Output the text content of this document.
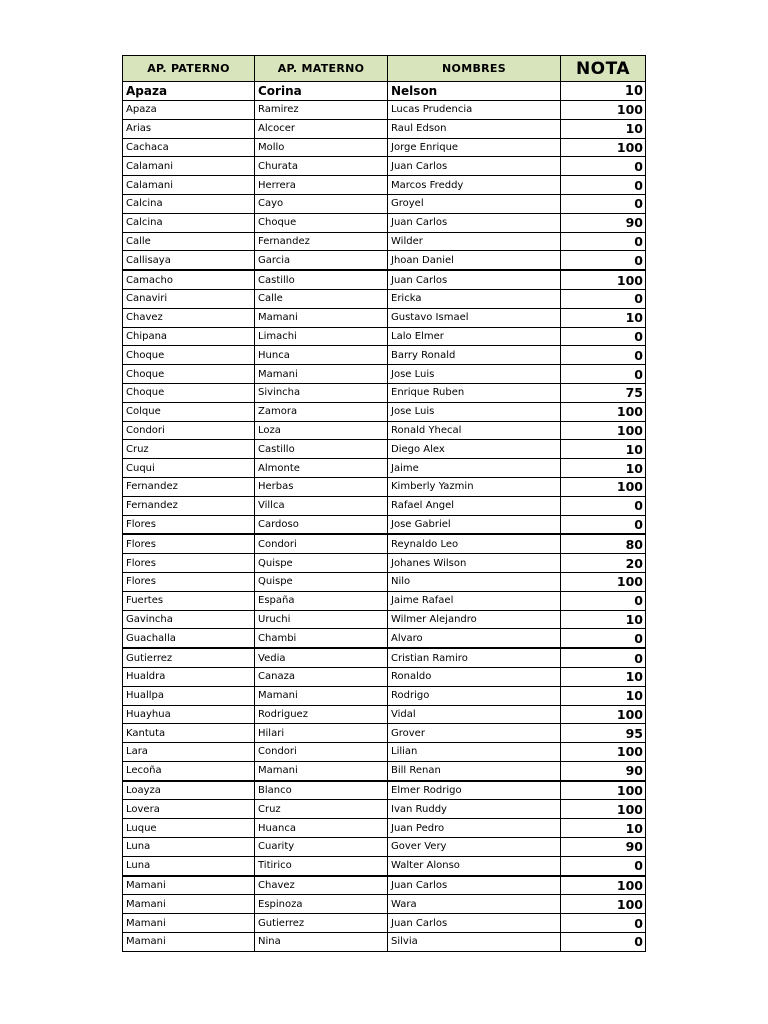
AP. PATERNO	AP. MATERNO	NOMBRES	NOTA
Apaza	Corina	Nelson	10
Apaza	Ramirez	Lucas Prudencia	100
Arias	Alcocer	Raul Edson	10
Cachaca	Mollo	Jorge Enrique	100
Calamani	Churata	Juan Carlos	0
Calamani	Herrera	Marcos Freddy	0
Calcina	Cayo	Groyel	0
Calcina	Choque	Juan Carlos	90
Calle	Fernandez	Wilder	0
Callisaya	Garcia	Jhoan Daniel	0
Camacho	Castillo	Juan Carlos	100
Canaviri	Calle	Ericka	0
Chavez	Mamani	Gustavo Ismael	10
Chipana	Limachi	Lalo Elmer	0
Choque	Hunca	Barry Ronald	0
Choque	Mamani	Jose Luis	0
Choque	Sivincha	Enrique Ruben	75
Colque	Zamora	Jose Luis	100
Condori	Loza	Ronald Yhecal	100
Cruz	Castillo	Diego Alex	10
Cuqui	Almonte	Jaime	10
Fernandez	Herbas	Kimberly Yazmin	100
Fernandez	Villca	Rafael Angel	0
Flores	Cardoso	Jose Gabriel	0
Flores	Condori	Reynaldo Leo	80
Flores	Quispe	Johanes Wilson	20
Flores	Quispe	Nilo	100
Fuertes	España	Jaime Rafael	0
Gavincha	Uruchi	Wilmer Alejandro	10
Guachalla	Chambi	Alvaro	0
Gutierrez	Vedia	Cristian Ramiro	0
Hualdra	Canaza	Ronaldo	10
Huallpa	Mamani	Rodrigo	10
Huayhua	Rodriguez	Vidal	100
Kantuta	Hilari	Grover	95
Lara	Condori	Lilian	100
Lecoña	Mamani	Bill Renan	90
Loayza	Blanco	Elmer Rodrigo	100
Lovera	Cruz	Ivan Ruddy	100
Luque	Huanca	Juan Pedro	10
Luna	Cuarity	Gover Very	90
Luna	Titirico	Walter Alonso	0
Mamani	Chavez	Juan Carlos	100
Mamani	Espinoza	Wara	100
Mamani	Gutierrez	Juan Carlos	0
Mamani	Nina	Silvia	0
